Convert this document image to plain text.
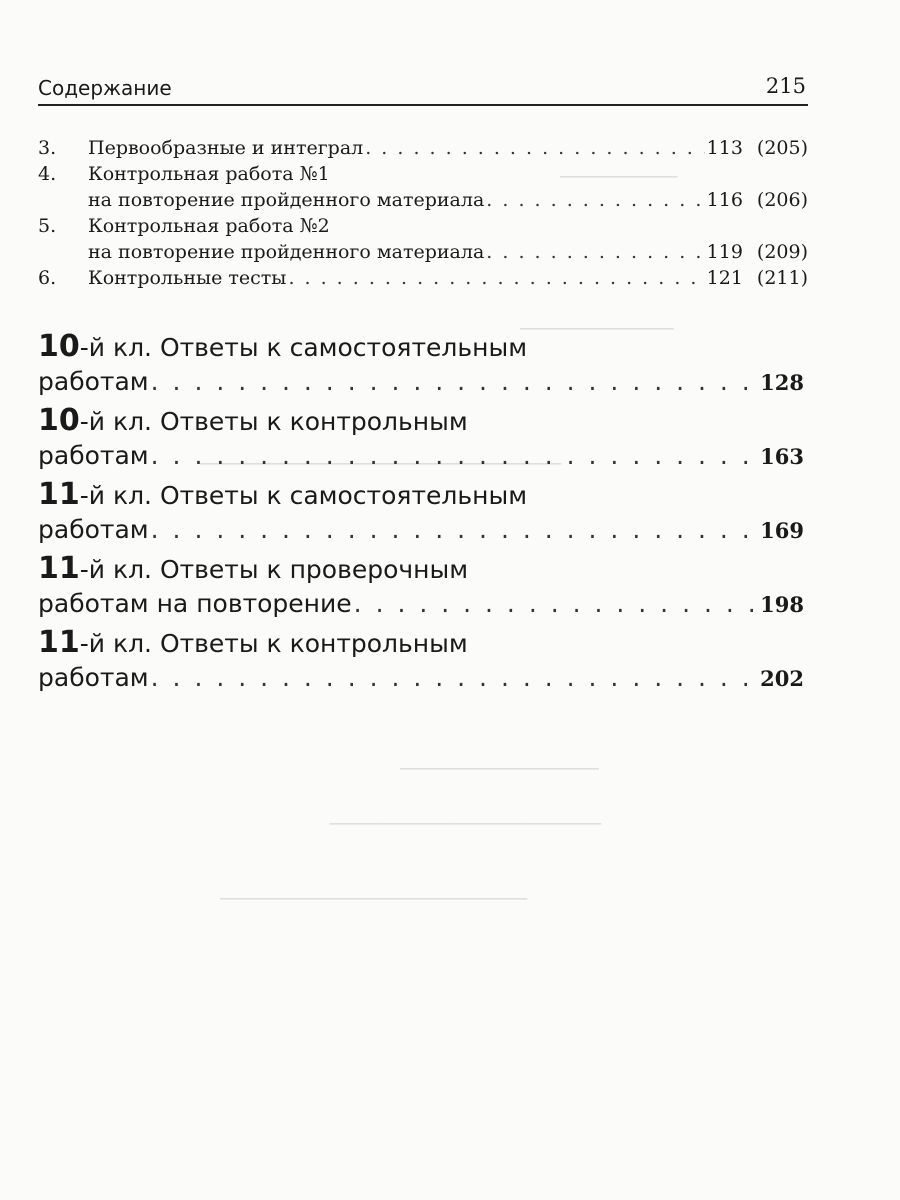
─────────────
─────────────────
────────────────────────────────────────
──────────────────────
──────────────────────────────
──────────────────────────────────
Содержание	215
3. Первообразные и интеграл . . .	113 (205)
4. Контрольная работа №1
на повторение пройденного материала . . .	116 (206)
5. Контрольная работа №2
на повторение пройденного материала . . .	119 (209)
6. Контрольные тесты . . .	121 (211)
10-й кл. Ответы к самостоятельным
работам . . .	128
10-й кл. Ответы к контрольным
работам . . .	163
11-й кл. Ответы к самостоятельным
работам . . .	169
11-й кл. Ответы к проверочным
работам на повторение . . .	198
11-й кл. Ответы к контрольным
работам . . .	202
